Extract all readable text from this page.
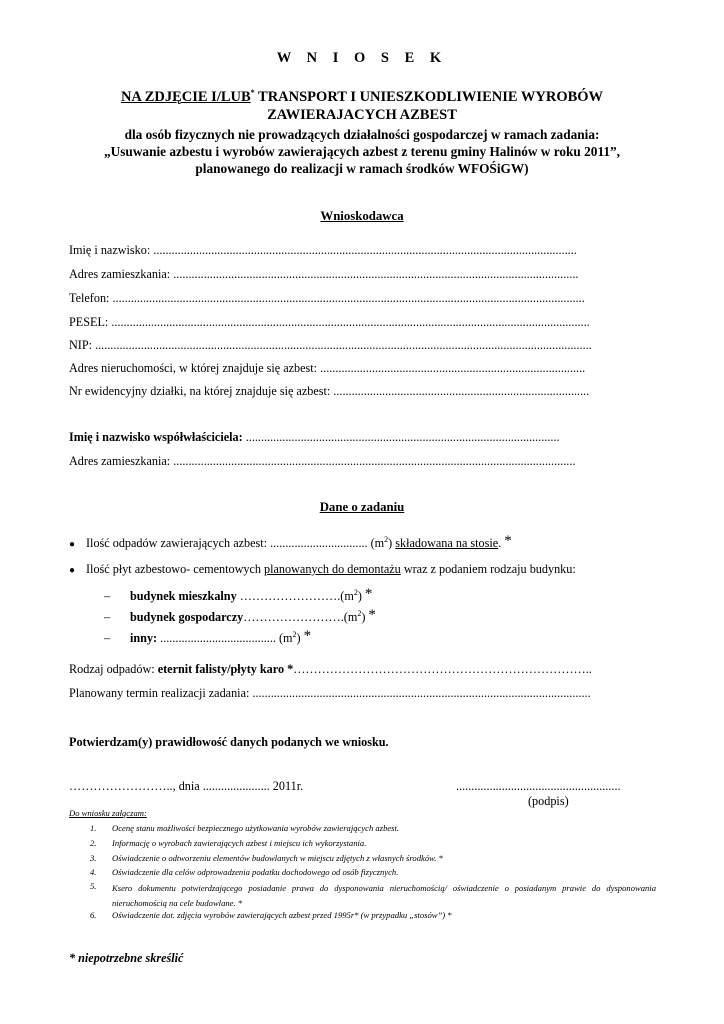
W N I O S E K
NA ZDJĘCIE I/LUB* TRANSPORT I UNIESZKODLIWIENIE WYROBÓW
ZAWIERAJACYCH AZBEST
dla osób fizycznych nie prowadzących działalności gospodarczej w ramach zadania:
„Usuwanie azbestu i wyrobów zawierających azbest z terenu gminy Halinów w roku 2011”,
planowanego do realizacji w ramach środków WFOŚiGW)
Wnioskodawca
Imię i nazwisko: ...........................................................................................................................................
Adres zamieszkania: .....................................................................................................................................
Telefon: ...........................................................................................................................................................
PESEL: .............................................................................................................................................................
NIP: ...................................................................................................................................................................
Adres nieruchomości, w której znajduje się azbest: .......................................................................................
Nr ewidencyjny działki, na której znajduje się azbest: ....................................................................................
Imię i nazwisko współwłaściciela: .......................................................................................................
Adres zamieszkania: ....................................................................................................................................
Dane o zadaniu
● Ilość odpadów zawierających azbest: ................................ $(m^2)$ składowana na stosie. *
● Ilość płyt azbestowo- cementowych planowanych do demontażu wraz z podaniem rodzaju budynku:
– budynek mieszkalny $\dots\dots\dots\dots\dots\dots\dots\dots.(m^2)$ *
– budynek $gospodarczy\dots\dots\dots\dots\dots\dots\dots\dots.(m^2)$ *
– inny: ...................................... $(m^2)$ *
Rodzaj odpadów: eternit falisty/płyty karo *………………………………………………………………..
Planowany termin realizacji zadania: ...............................................................................................................
Potwierdzam(y) prawidłowość danych podanych we wniosku.
…………………….., dnia ...................... 2011r.	......................................................
(podpis)
Do wniosku załączam:
1. Ocenę stanu możliwości bezpiecznego użytkowania wyrobów zawierających azbest.
2. Informację o wyrobach zawierających azbest i miejscu ich wykorzystania.
3. Oświadczenie o odtworzeniu elementów budowlanych w miejscu zdjętych z własnych środków. *
4. Oświadczenie dla celów odprowadzenia podatku dochodowego od osób fizycznych.
5.	Ksero dokumentu potwierdzającego posiadanie prawa do dysponowania nieruchomością/ oświadczenie o posiadanym prawie do dysponowania nieruchomością na cele budowlane. *
6. Oświadczenie dot. zdjęcia wyrobów zawierających azbest przed 1995r* (w przypadku „stosów”) *
* niepotrzebne skreślić
